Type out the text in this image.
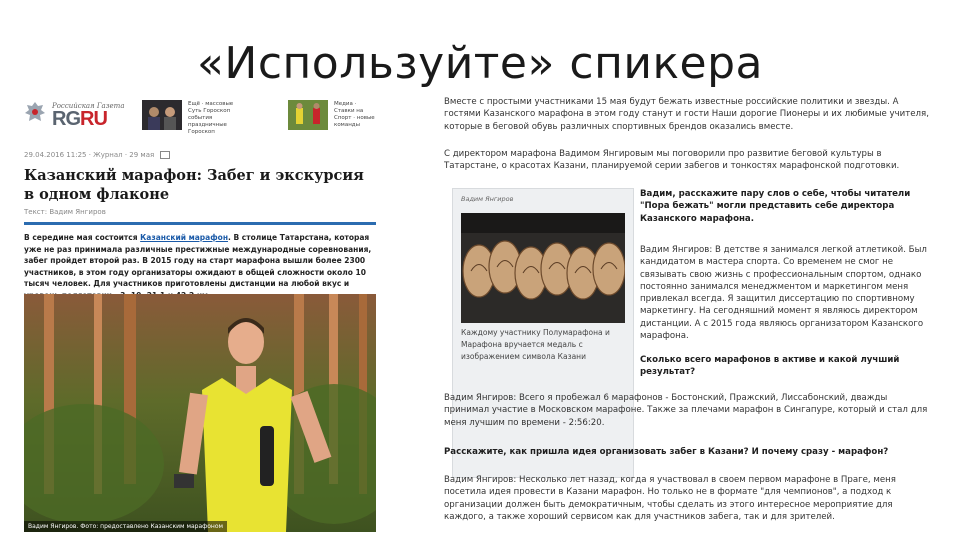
«Используйте» спикера
Российская Газета
RGRU
Ещё · массовые Суть Гороскоп события праздничные Гороскоп
Медиа · Ставки на Спорт · новые команды
29.04.2016 11:25 · Журнал · 29 мая
Казанский марафон: Забег и экскурсия в одном флаконе
Текст: Вадим Янгиров
В середине мая состоится Казанский марафон. В столице Татарстана, которая уже не раз принимала различные престижные международные соревнования, забег пройдет второй раз. В 2015 году на старт марафона вышли более 2300 участников, в этом году организаторы ожидают в общей сложности около 10 тысяч человек. Для участников приготовлены дистанции на любой вкус и
Вадим Янгиров. Фото: предоставлено Казанским марафоном
Вместе с простыми участниками 15 мая будут бежать известные российские политики и звезды. А гостями Казанского марафона в этом году станут и гости Наши дорогие Пионеры и их любимые учителя, которые в беговой обувь различных спортивных брендов оказались вместе.
С директором марафона Вадимом Янгировым мы поговорили про развитие беговой культуры в Татарстане, о красотах Казани, планируемой серии забегов и тонкостях марафонской подготовки.
Вадим Янгиров
Каждому участнику Полумарафона и Марафона вручается медаль с изображением символа Казани
Вадим, расскажите пару слов о себе, чтобы читатели "Пора бежать" могли представить себе директора Казанского марафона.
Вадим Янгиров: В детстве я занимался легкой атлетикой. Был кандидатом в мастера спорта. Со временем не смог не связывать свою жизнь с профессиональным спортом, однако постоянно занимался менеджментом и маркетингом меня привлекал всегда. Я защитил диссертацию по спортивному маркетингу. На сегодняшний момент я являюсь директором дистанции. А с 2015 года являюсь организатором Казанского марафона.
Сколько всего марафонов в активе и какой лучший результат?
Вадим Янгиров: Всего я пробежал 6 марафонов - Бостонский, Пражский, Лиссабонский, дважды принимал участие в Московском марафоне. Также за плечами марафон в Сингапуре, который и стал для меня лучшим по времени - 2:56:20.
Расскажите, как пришла идея организовать забег в Казани? И почему сразу - марафон?
Вадим Янгиров: Несколько лет назад, когда я участвовал в своем первом марафоне в Праге, меня посетила идея провести в Казани марафон. Но только не в формате "для чемпионов", а подход к организации должен быть демократичным, чтобы сделать из этого интересное мероприятие для каждого, а также хороший сервисом как для участников забега, так и для зрителей.
